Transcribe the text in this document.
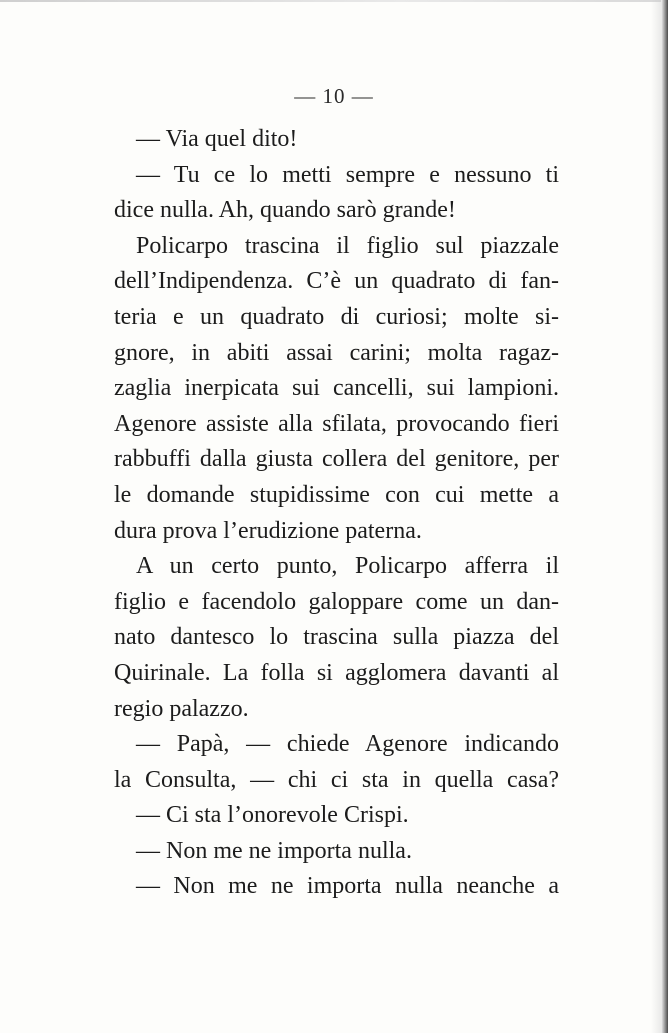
— 10 —
— Via quel dito!
— Tu ce lo metti sempre e nessuno ti
dice nulla. Ah, quando sarò grande!
Policarpo trascina il figlio sul piazzale
dell’Indipendenza. C’è un quadrato di fan-
teria e un quadrato di curiosi; molte si-
gnore, in abiti assai carini; molta ragaz-
zaglia inerpicata sui cancelli, sui lampioni.
Agenore assiste alla sfilata, provocando fieri
rabbuffi dalla giusta collera del genitore, per
le domande stupidissime con cui mette a
dura prova l’erudizione paterna.
A un certo punto, Policarpo afferra il
figlio e facendolo galoppare come un dan-
nato dantesco lo trascina sulla piazza del
Quirinale. La folla si agglomera davanti al
regio palazzo.
— Papà, — chiede Agenore indicando
la Consulta, — chi ci sta in quella casa?
— Ci sta l’onorevole Crispi.
— Non me ne importa nulla.
— Non me ne importa nulla neanche a
